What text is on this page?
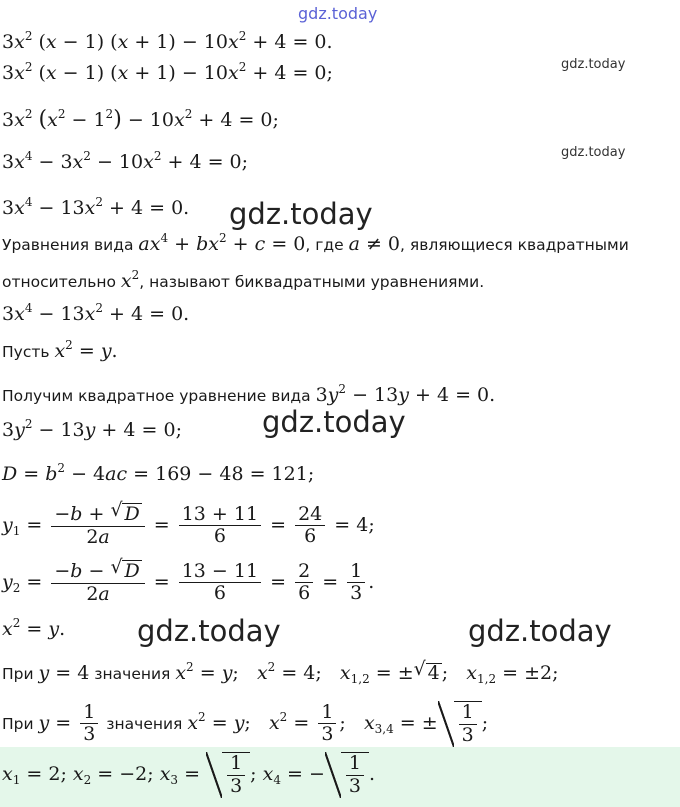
gdz.today
gdz.today
gdz.today
gdz.today
gdz.today
gdz.today	gdz.today
$3x^2$ (x − 1) $(x + 1) - 10x^2 + 4 = 0$.
$3x^2$ (x − 1) $(x + 1) - 10x^2 + 4 = 0$;
$3x^2$ $(x^2 - 1^2) - 10x^2 + 4 = 0$;
$3x^4 - 3x^2 - 10x^2 + 4 = 0$;
$3x^4 - 13x^2 + 4 = 0$.
Уравнения вида $ax^4 + bx^2 + c = 0$, где a ≠ 0, являющиеся квадратными
относительно $x^2$, называют биквадратными уравнениями.
$3x^4 - 13x^2 + 4 = 0$.
Пусть $x^2 = y$.
Получим квадратное уравнение вида $3y^2 - 13y + 4 = 0$.
$3y^2 - 13y + 4 = 0$;
$D = b^2 - 4ac = 169 - 48 = 121$;
$y_1 = \frac{-b + √ D}{2a} = \frac{13 + 11}{6} = \frac{24}{6} = 4$;
$y_2 = \frac{-b - √ D}{2a} = \frac{13 - 11}{6} = \frac{2}{6} = \frac{1}{3}$ .
$x^2 = y$.
При y = 4 значения $x^2 = y$;   $x^2 = 4$;   $x_{1,2}$ = ±√ 4 ;   $x_{1,2} = \pm 2$;
При $y = \frac{1}{3}$ значения $x^2 = y$;   $x^2 = \frac{1}{3}$ ;   $x_{3,4}$ = ± $\frac{1}{3}$ ;
$x_1 = 2$; $x_2 = -2$; $x_3 = \frac{1}{3}$ ; $x_4$ = − $\frac{1}{3}$ .
